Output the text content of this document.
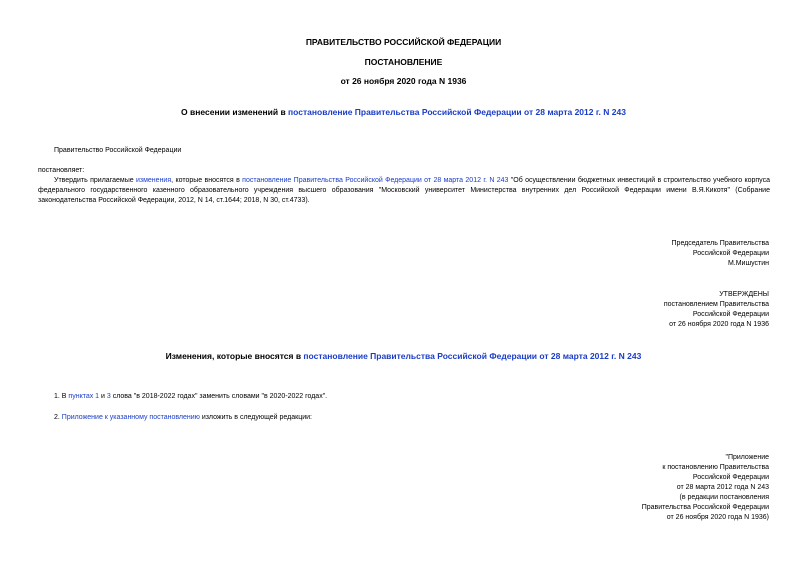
ПРАВИТЕЛЬСТВО РОССИЙСКОЙ ФЕДЕРАЦИИ
ПОСТАНОВЛЕНИЕ
от 26 ноября 2020 года N 1936
О внесении изменений в постановление Правительства Российской Федерации от 28 марта 2012 г. N 243
Правительство Российской Федерации
постановляет:
Утвердить прилагаемые изменения, которые вносятся в постановление Правительства Российской Федерации от 28 марта 2012 г. N 243 "Об осуществлении бюджетных инвестиций в строительство учебного корпуса федерального государственного казенного образовательного учреждения высшего образования "Московский университет Министерства внутренних дел Российской Федерации имени В.Я.Кикотя" (Собрание законодательства Российской Федерации, 2012, N 14, ст.1644; 2018, N 30, ст.4733).
Председатель Правительства
Российской Федерации
М.Мишустин
УТВЕРЖДЕНЫ
постановлением Правительства
Российской Федерации
от 26 ноября 2020 года N 1936
Изменения, которые вносятся в постановление Правительства Российской Федерации от 28 марта 2012 г. N 243
1. В пунктах 1 и 3 слова "в 2018-2022 годах" заменить словами "в 2020-2022 годах".
2. Приложение к указанному постановлению изложить в следующей редакции:
"Приложение
к постановлению Правительства
Российской Федерации
от 28 марта 2012 года N 243
(в редакции постановления
Правительства Российской Федерации
от 26 ноября 2020 года N 1936)
